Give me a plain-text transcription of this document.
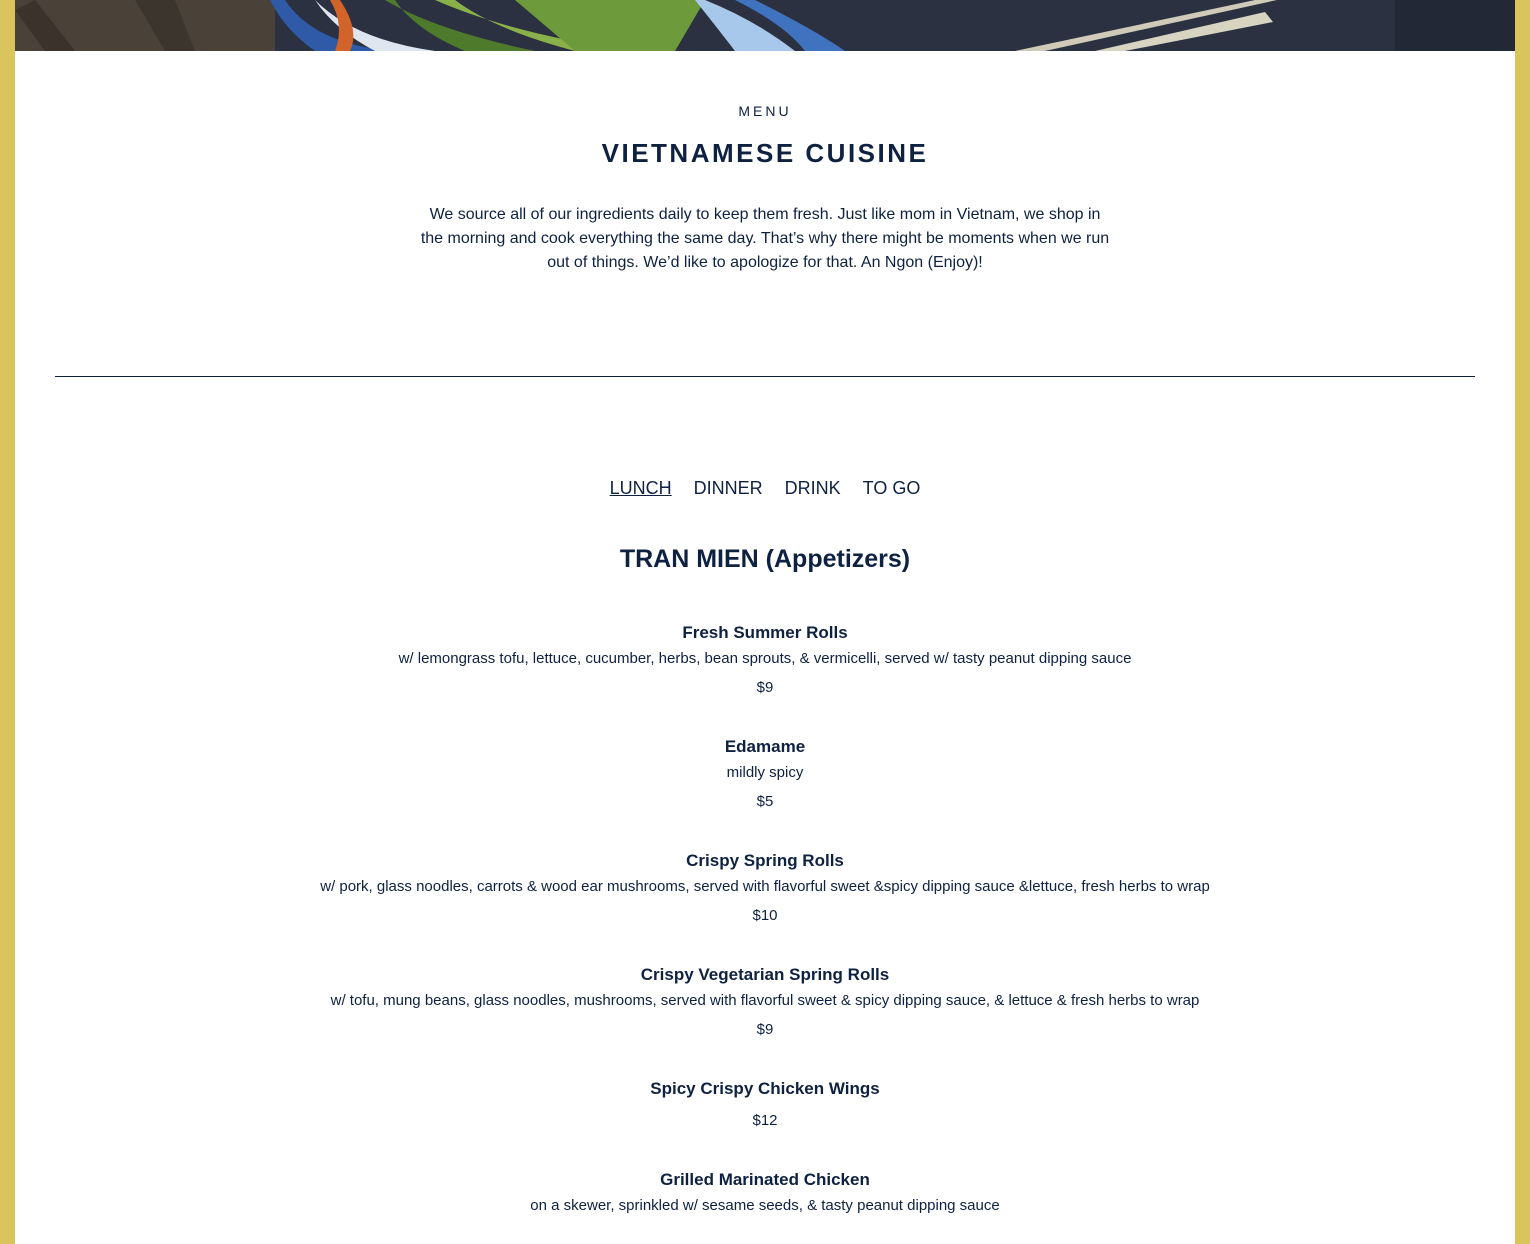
MENU
VIETNAMESE CUISINE

We source all of our ingredients daily to keep them fresh. Just like mom in Vietnam, we shop in the morning and cook everything the same day. That’s why there might be moments when we run out of things. We’d like to apologize for that. An Ngon (Enjoy)!

LUNCH DINNER DRINK TO GO
TRAN MIEN (Appetizers)
Fresh Summer Rolls
w/ lemongrass tofu, lettuce, cucumber, herbs, bean sprouts, & vermicelli, served w/ tasty peanut dipping sauce
$9
Edamame
mildly spicy
$5
Crispy Spring Rolls
w/ pork, glass noodles, carrots & wood ear mushrooms, served with flavorful sweet &spicy dipping sauce &lettuce, fresh herbs to wrap
$10
Crispy Vegetarian Spring Rolls
w/ tofu, mung beans, glass noodles, mushrooms, served with flavorful sweet & spicy dipping sauce, & lettuce & fresh herbs to wrap
$9
Spicy Crispy Chicken Wings
$12
Grilled Marinated Chicken
on a skewer, sprinkled w/ sesame seeds, & tasty peanut dipping sauce
